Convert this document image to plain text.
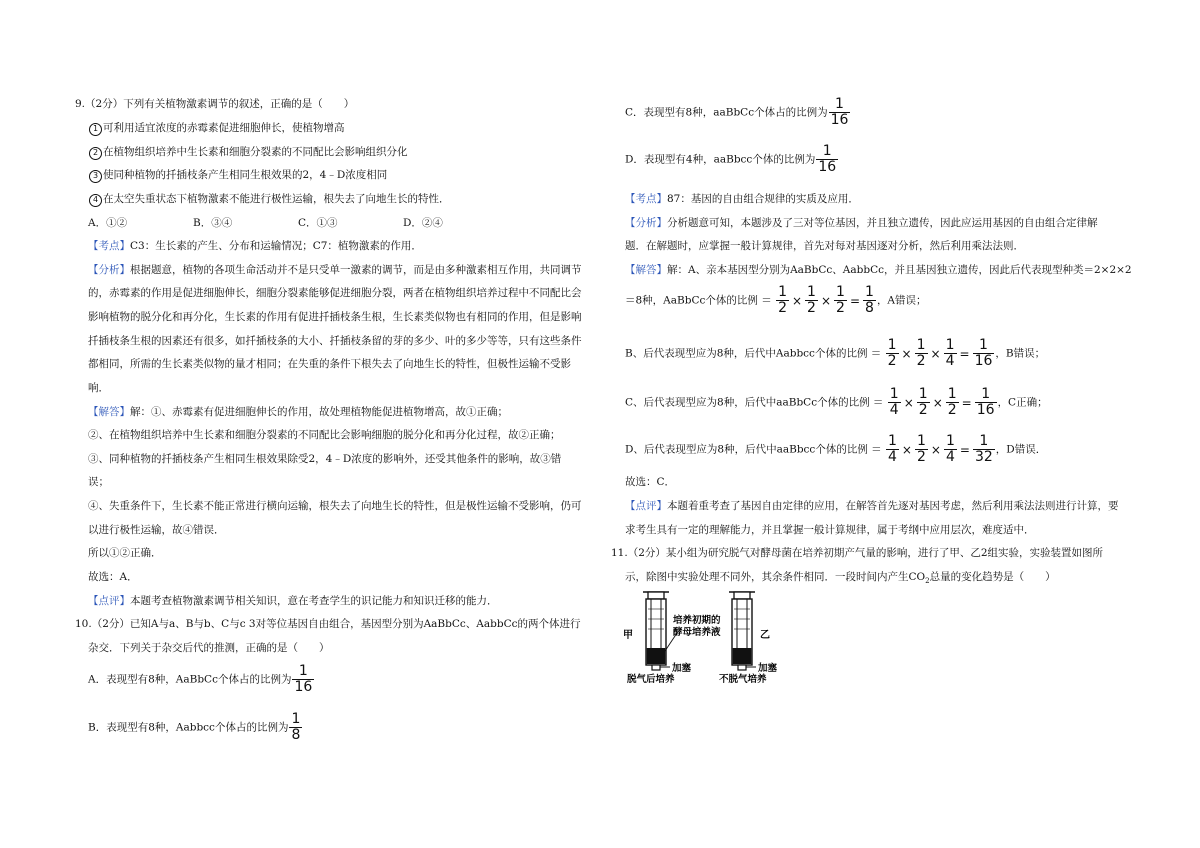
9.（2分）下列有关植物激素调节的叙述，正确的是（　　）
1 可利用适宜浓度的赤霉素促进细胞伸长，使植物增高
2 在植物组织培养中生长素和细胞分裂素的不同配比会影响组织分化
3 使同种植物的扦插枝条产生相同生根效果的2，4﹣D浓度相同
4 在太空失重状态下植物激素不能进行极性运输，根失去了向地生长的特性．
A．①②	B．③④	C．①③	D．②④
【考点】C3：生长素的产生、分布和运输情况；C7：植物激素的作用．
【分析】根据题意，植物的各项生命活动并不是只受单一激素的调节，而是由多种激素相互作用，共同调节
的，赤霉素的作用是促进细胞伸长，细胞分裂素能够促进细胞分裂，两者在植物组织培养过程中不同配比会
影响植物的脱分化和再分化，生长素的作用有促进扦插枝条生根，生长素类似物也有相同的作用，但是影响
扦插枝条生根的因素还有很多，如扦插枝条的大小、扦插枝条留的芽的多少、叶的多少等等，只有这些条件
都相同，所需的生长素类似物的量才相同；在失重的条件下根失去了向地生长的特性，但极性运输不受影
响．
【解答】解：①、赤霉素有促进细胞伸长的作用，故处理植物能促进植物增高，故①正确；
②、在植物组织培养中生长素和细胞分裂素的不同配比会影响细胞的脱分化和再分化过程，故②正确；
③、同种植物的扦插枝条产生相同生根效果除受2，4﹣D浓度的影响外，还受其他条件的影响，故③错
误；
④、失重条件下，生长素不能正常进行横向运输，根失去了向地生长的特性，但是极性运输不受影响，仍可
以进行极性运输，故④错误．
所以①②正确．
故选：A．
【点评】本题考查植物激素调节相关知识，意在考查学生的识记能力和知识迁移的能力．
10.（2分）已知A与a、B与b、C与c 3对等位基因自由组合，基因型分别为AaBbCc、AabbCc的两个体进行
杂交．下列关于杂交后代的推测，正确的是（　　）
A．表现型有8种，AaBbCc个体占的比例为 $\frac{1}{16}$
B．表现型有8种，Aabbcc个体占的比例为 $\frac{1}{8}$
C．表现型有8种，aaBbCc个体占的比例为 $\frac{1}{16}$
D．表现型有4种，aaBbcc个体的比例为 $\frac{1}{16}$
【考点】87：基因的自由组合规律的实质及应用．
【分析】分析题意可知，本题涉及了三对等位基因，并且独立遗传，因此应运用基因的自由组合定律解
题．在解题时，应掌握一般计算规律，首先对每对基因逐对分析，然后利用乘法法则．
【解答】解：A、亲本基因型分别为AaBbCc、AabbCc，并且基因独立遗传，因此后代表现型种类＝2×2×2
＝8种，AaBbCc个体的比例 ＝ $\frac{1}{2} \times \frac{1}{2} \times \frac{1}{2} = \frac{1}{8}$ ，A错误；
B、后代表现型应为8种，后代中Aabbcc个体的比例 ＝ $\frac{1}{2} \times \frac{1}{2} \times \frac{1}{4} = \frac{1}{16}$ ，B错误；
C、后代表现型应为8种，后代中aaBbCc个体的比例 ＝ $\frac{1}{4} \times \frac{1}{2} \times \frac{1}{2} = \frac{1}{16}$ ，C正确；
D、后代表现型应为8种，后代中aaBbcc个体的比例 ＝ $\frac{1}{4} \times \frac{1}{2} \times \frac{1}{4} = \frac{1}{32}$ ，D错误．
故选：C．
【点评】本题着重考查了基因自由定律的应用，在解答首先逐对基因考虑，然后利用乘法法则进行计算，要
求考生具有一定的理解能力，并且掌握一般计算规律，属于考纲中应用层次，难度适中．
11.（2分）某小组为研究脱气对酵母菌在培养初期产气量的影响，进行了甲、乙2组实验，实验装置如图所
示，除图中实验处理不同外，其余条件相同．一段时间内产生$CO_2$总量的变化趋势是（　　）
甲	乙
培养初期的
酵母培养液
加塞	加塞
脱气后培养	不脱气培养
